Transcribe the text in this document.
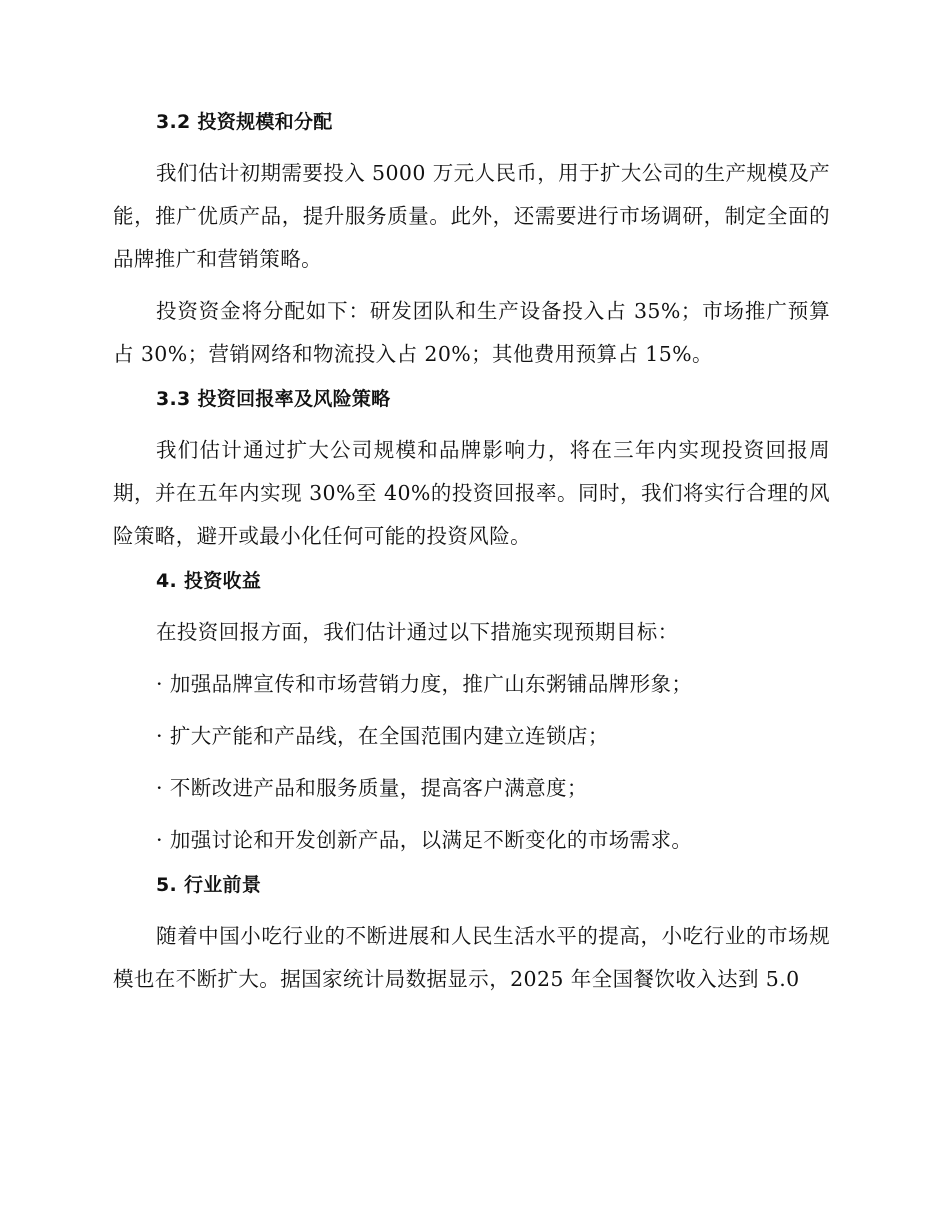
3.2 投资规模和分配

我们估计初期需要投入 5000 万元人民币，用于扩大公司的生产规模及产能，推广优质产品，提升服务质量。此外，还需要进行市场调研，制定全面的品牌推广和营销策略。

投资资金将分配如下：研发团队和生产设备投入占 35%；市场推广预算占 30%；营销网络和物流投入占 20%；其他费用预算占 15%。

3.3 投资回报率及风险策略

我们估计通过扩大公司规模和品牌影响力，将在三年内实现投资回报周期，并在五年内实现 30%至 40%的投资回报率。同时，我们将实行合理的风险策略，避开或最小化任何可能的投资风险。

4. 投资收益

在投资回报方面，我们估计通过以下措施实现预期目标：

· 加强品牌宣传和市场营销力度，推广山东粥铺品牌形象；

· 扩大产能和产品线，在全国范围内建立连锁店；

· 不断改进产品和服务质量，提高客户满意度；

· 加强讨论和开发创新产品，以满足不断变化的市场需求。

5. 行业前景

随着中国小吃行业的不断进展和人民生活水平的提高，小吃行业的市场规模也在不断扩大。据国家统计局数据显示，2025 年全国餐饮收入达到 5.0
